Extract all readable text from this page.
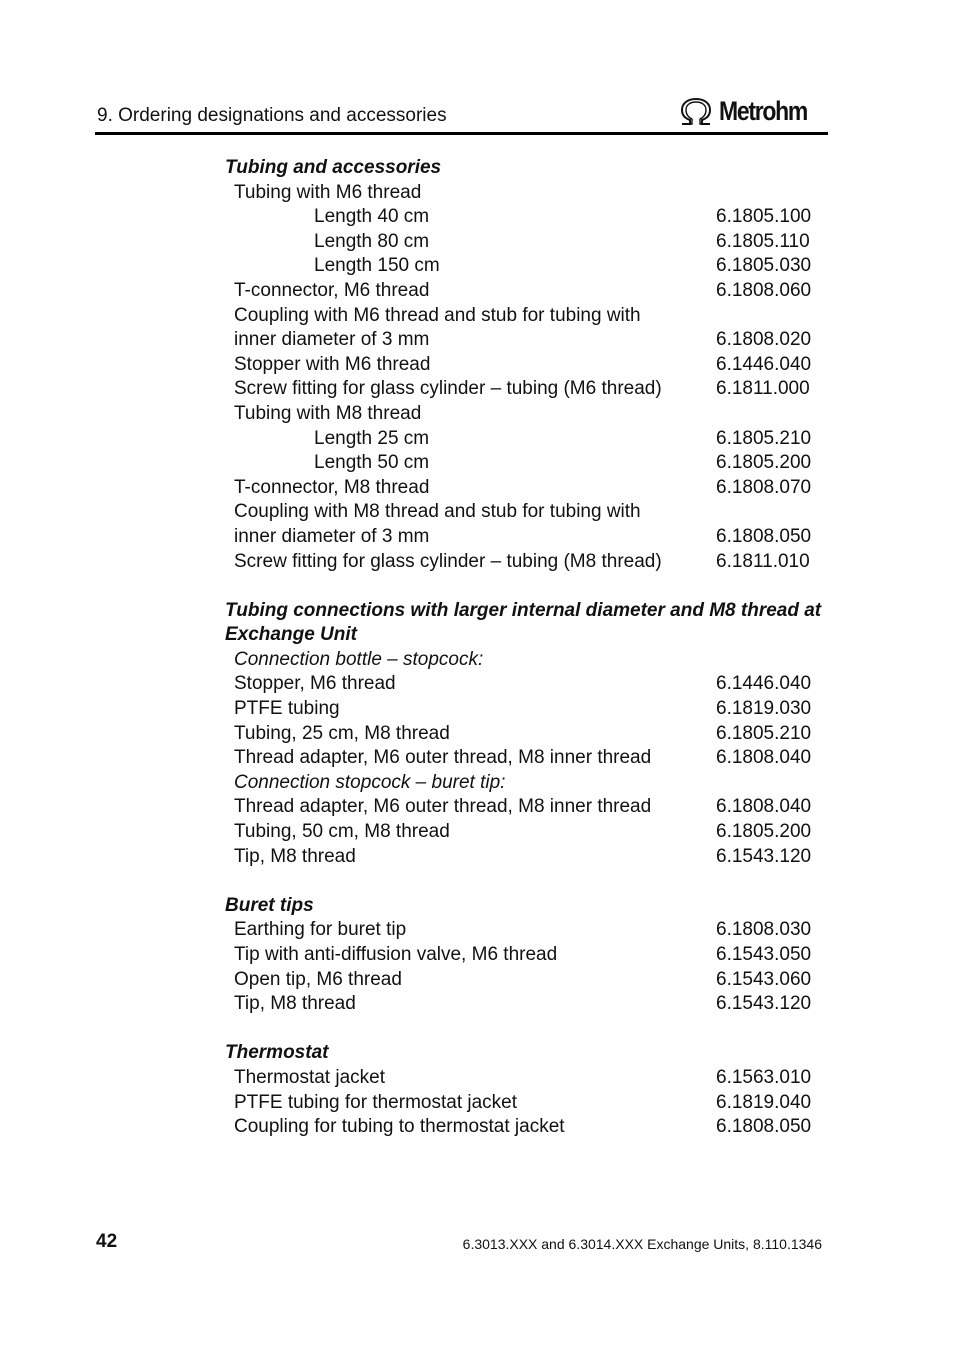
9. Ordering designations and accessories	Metrohm
Tubing and accessories
Tubing with M6 thread
Length 40 cm	6.1805.100
Length 80 cm	6.1805.110
Length 150 cm	6.1805.030
T-connector, M6 thread	6.1808.060
Coupling with M6 thread and stub for tubing with
inner diameter of 3 mm	6.1808.020
Stopper with M6 thread	6.1446.040
Screw fitting for glass cylinder – tubing (M6 thread)	6.1811.000
Tubing with M8 thread
Length 25 cm	6.1805.210
Length 50 cm	6.1805.200
T-connector, M8 thread	6.1808.070
Coupling with M8 thread and stub for tubing with
inner diameter of 3 mm	6.1808.050
Screw fitting for glass cylinder – tubing (M8 thread)	6.1811.010
Tubing connections with larger internal diameter and M8 thread at Exchange Unit
Connection bottle – stopcock:
Stopper, M6 thread	6.1446.040
PTFE tubing	6.1819.030
Tubing, 25 cm, M8 thread	6.1805.210
Thread adapter, M6 outer thread, M8 inner thread	6.1808.040
Connection stopcock – buret tip:
Thread adapter, M6 outer thread, M8 inner thread	6.1808.040
Tubing, 50 cm, M8 thread	6.1805.200
Tip, M8 thread	6.1543.120
Buret tips
Earthing for buret tip	6.1808.030
Tip with anti-diffusion valve, M6 thread	6.1543.050
Open tip, M6 thread	6.1543.060
Tip, M8 thread	6.1543.120
Thermostat
Thermostat jacket	6.1563.010
PTFE tubing for thermostat jacket	6.1819.040
Coupling for tubing to thermostat jacket	6.1808.050
42	6.3013.XXX and 6.3014.XXX Exchange Units, 8.110.1346
